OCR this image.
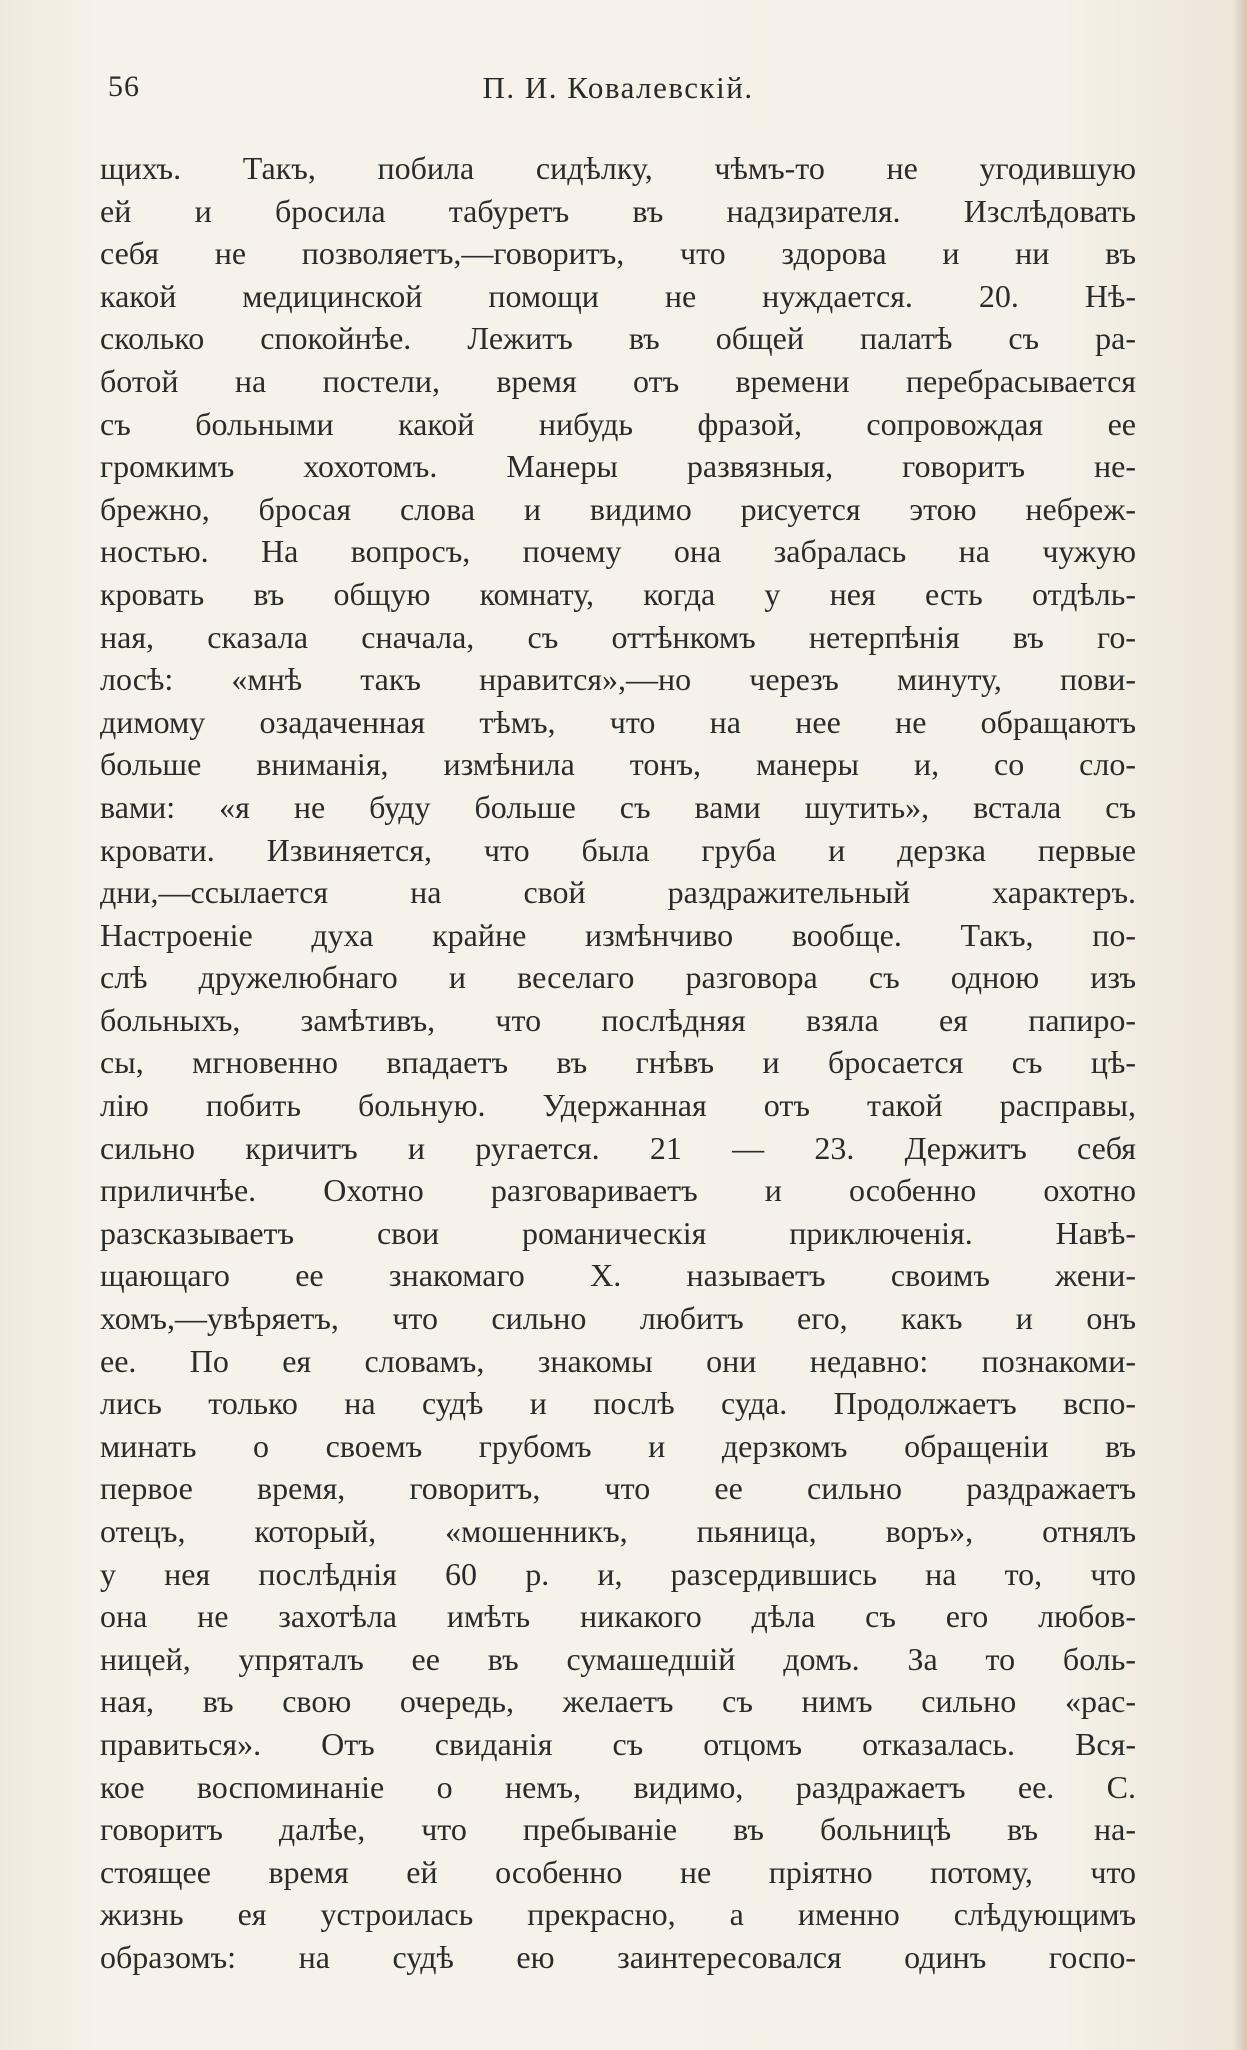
56	П. И. Ковалевскій.
щихъ. Такъ, побила сидѣлку, чѣмъ-то не угодившую
ей и бросила табуретъ въ надзирателя. Изслѣдовать
себя не позволяетъ,—говоритъ, что здорова и ни въ
какой медицинской помощи не нуждается. 20. Нѣ-
сколько спокойнѣе. Лежитъ въ общей палатѣ съ ра-
ботой на постели, время отъ времени перебрасывается
съ больными какой нибудь фразой, сопровождая ее
громкимъ хохотомъ. Манеры развязныя, говоритъ не-
брежно, бросая слова и видимо рисуется этою небреж-
ностью. На вопросъ, почему она забралась на чужую
кровать въ общую комнату, когда у нея есть отдѣль-
ная, сказала сначала, съ оттѣнкомъ нетерпѣнія въ го-
лосѣ: «мнѣ такъ нравится»,—но черезъ минуту, пови-
димому озадаченная тѣмъ, что на нее не обращаютъ
больше вниманія, измѣнила тонъ, манеры и, со сло-
вами: «я не буду больше съ вами шутить», встала съ
кровати. Извиняется, что была груба и дерзка первые
дни,—ссылается на свой раздражительный характеръ.
Настроеніе духа крайне измѣнчиво вообще. Такъ, по-
слѣ дружелюбнаго и веселаго разговора съ одною изъ
больныхъ, замѣтивъ, что послѣдняя взяла ея папиро-
сы, мгновенно впадаетъ въ гнѣвъ и бросается съ цѣ-
лію побить больную. Удержанная отъ такой расправы,
сильно кричитъ и ругается. 21 — 23. Держитъ себя
приличнѣе. Охотно разговариваетъ и особенно охотно
разсказываетъ свои романическія приключенія. Навѣ-
щающаго ее знакомаго X. называетъ своимъ жени-
хомъ,—увѣряетъ, что сильно любитъ его, какъ и онъ
ее. По ея словамъ, знакомы они недавно: познакоми-
лись только на судѣ и послѣ суда. Продолжаетъ вспо-
минать о своемъ грубомъ и дерзкомъ обращеніи въ
первое время, говоритъ, что ее сильно раздражаетъ
отецъ, который, «мошенникъ, пьяница, воръ», отнялъ
у нея послѣднія 60 р. и, разсердившись на то, что
она не захотѣла имѣть никакого дѣла съ его любов-
ницей, упряталъ ее въ сумашедшій домъ. За то боль-
ная, въ свою очередь, желаетъ съ нимъ сильно «рас-
правиться». Отъ свиданія съ отцомъ отказалась. Вся-
кое воспоминаніе о немъ, видимо, раздражаетъ ее. С.
говоритъ далѣе, что пребываніе въ больницѣ въ на-
стоящее время ей особенно не пріятно потому, что
жизнь ея устроилась прекрасно, а именно слѣдующимъ
образомъ: на судѣ ею заинтересовался одинъ госпо-
